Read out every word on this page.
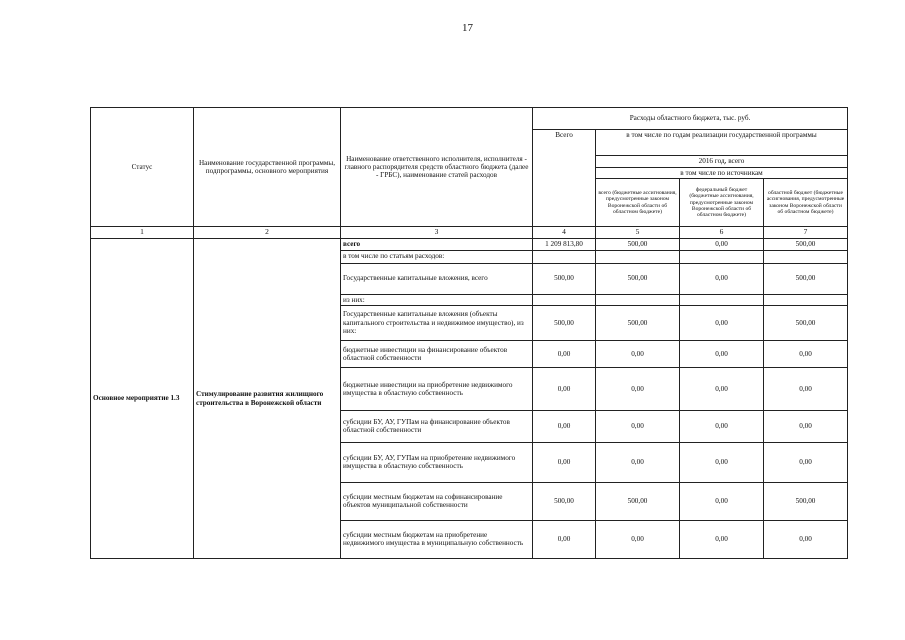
17
Статус	Наименование государственной программы, подпрограммы, основного мероприятия	Наименование ответственного исполнителя, исполнителя - главного распорядителя средств областного бюджета (далее - ГРБС), наименование статей расходов	Расходы областного бюджета, тыс. руб.			
			Всего	в том числе по годам реализации государственной программы		
				2016 год, всего		
				в том числе по источникам		
				всего (бюджетные ассигнования, предусмотренные законом Воронежской области об областном бюджете)	федеральный бюджет (бюджетные ассигнования, предусмотренные законом Воронежской области об областном бюджете)	областной бюджет (бюджетные ассигнования, предусмотренные законом Воронежской области об областном бюджете)
1	2	3	4	5	6	7
Основное мероприятие 1.3	Стимулирование развития жилищного строительства в Воронежской области	всего	1 209 813,80	500,00	0,00	500,00
		в том числе по статьям расходов:				
		Государственные капитальные вложения, всего	500,00	500,00	0,00	500,00
		из них:				
		Государственные капитальные вложения (объекты капитального строительства и недвижимое имущество), из них:	500,00	500,00	0,00	500,00
		бюджетные инвестиции на финансирование объектов областной собственности	0,00	0,00	0,00	0,00
		бюджетные инвестиции на приобретение недвижимого имущества в областную собственность	0,00	0,00	0,00	0,00
		субсидии БУ, АУ, ГУПам на финансирование объектов областной собственности	0,00	0,00	0,00	0,00
		субсидии БУ, АУ, ГУПам на приобретение недвижимого имущества в областную собственность	0,00	0,00	0,00	0,00
		субсидии местным бюджетам на софинансирование объектов муниципальной собственности	500,00	500,00	0,00	500,00
		субсидии местным бюджетам на приобретение недвижимого имущества в муниципальную собственность	0,00	0,00	0,00	0,00
